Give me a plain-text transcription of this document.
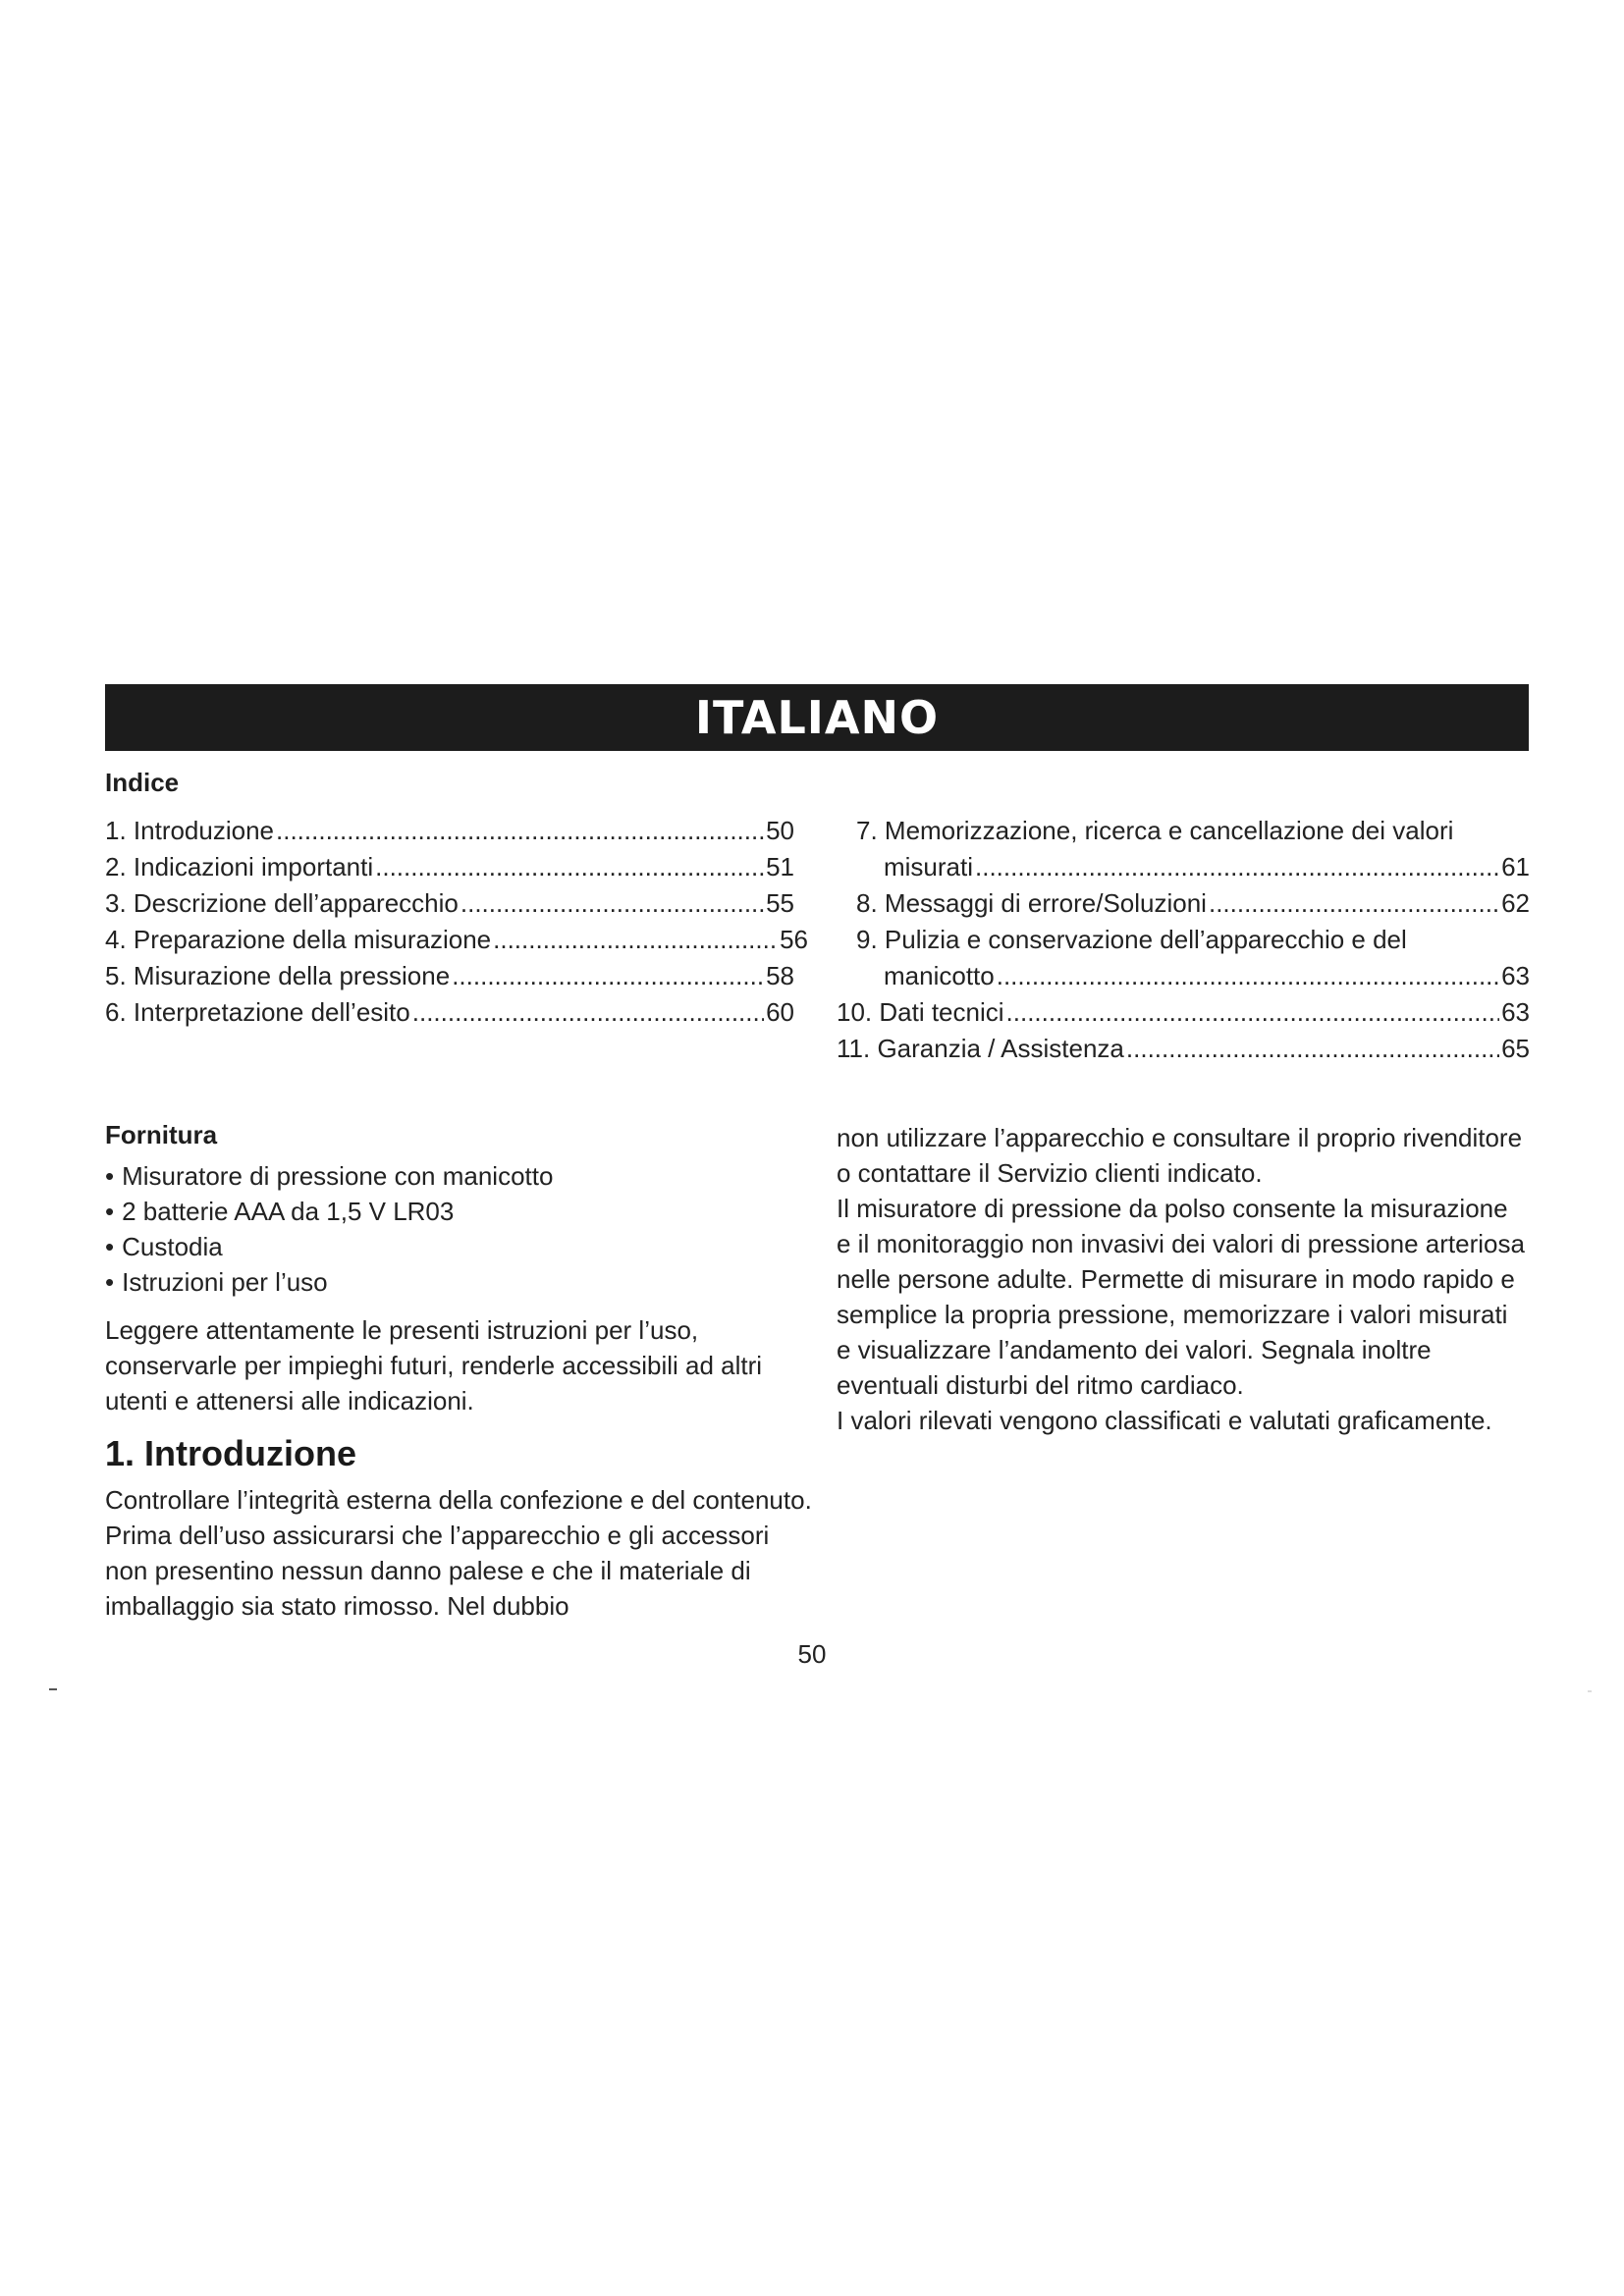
ITALIANO
Indice
1. Introduzione .....	50
2. Indicazioni importanti .....	51
3. Descrizione dell’apparecchio .....	55
4. Preparazione della misurazione .....	56
5. Misurazione della pressione .....	58
6. Interpretazione dell’esito .....	60
7. Memorizzazione, ricerca e cancellazione dei valori
misurati .....	61
8. Messaggi di errore/Soluzioni .....	62
9. Pulizia e conservazione dell’apparecchio e del
manicotto .....	63
10. Dati tecnici .....	63
11. Garanzia / Assistenza .....	65
Fornitura
• Misuratore di pressione con manicotto
• 2 batterie AAA da 1,5 V LR03
• Custodia
• Istruzioni per l’uso

Leggere attentamente le presenti istruzioni per l’uso, conservarle per impieghi futuri, renderle accessibili ad altri utenti e attenersi alle indicazioni.

1. Introduzione

Controllare l’integrità esterna della confezione e del contenuto. Prima dell’uso assicurarsi che l’apparecchio e gli accessori non presentino nessun danno palese e che il materiale di imballaggio sia stato rimosso. Nel dubbio

non utilizzare l’apparecchio e consultare il proprio rivenditore o contattare il Servizio clienti indicato.

Il misuratore di pressione da polso consente la misurazione e il monitoraggio non invasivi dei valori di pressione arteriosa nelle persone adulte. Permette di misurare in modo rapido e semplice la propria pressione, memorizzare i valori misurati e visualizzare l’andamento dei valori. Segnala inoltre eventuali disturbi del ritmo cardiaco.

I valori rilevati vengono classificati e valutati graficamente.

50
